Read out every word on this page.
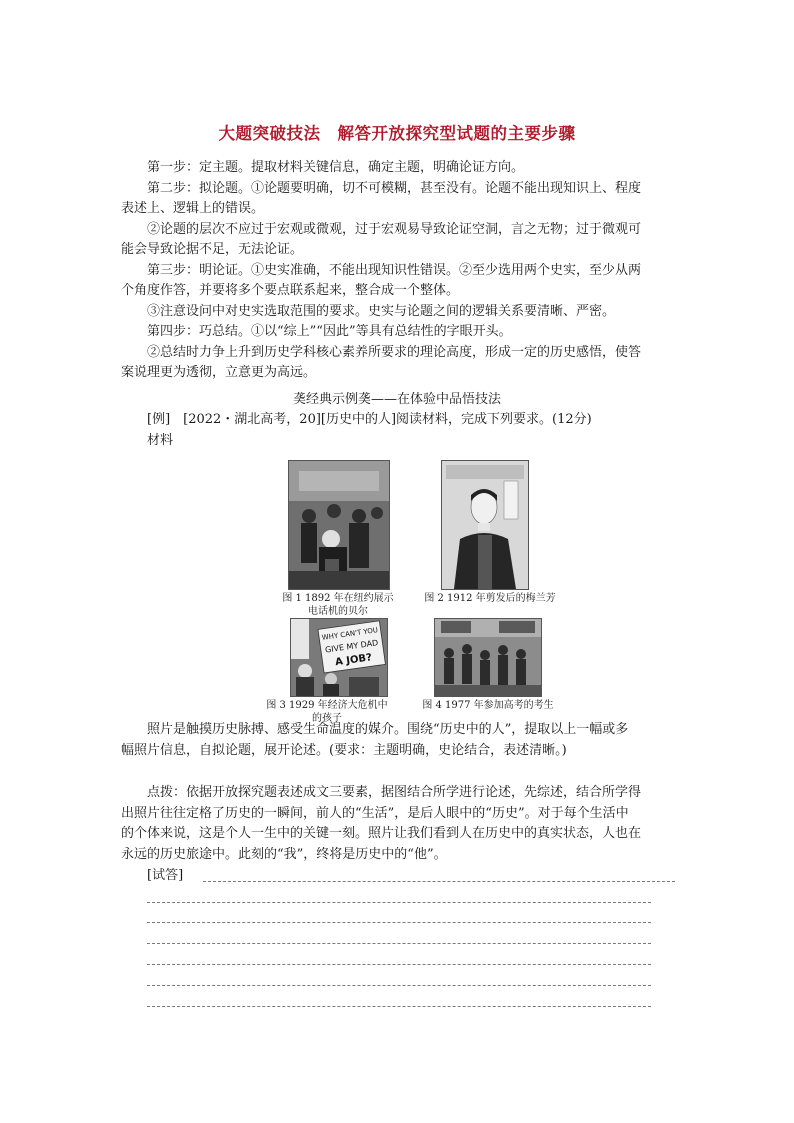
大题突破技法　解答开放探究型试题的主要步骤
第一步：定主题。提取材料关键信息，确定主题，明确论证方向。
第二步：拟论题。①论题要明确，切不可模糊，甚至没有。论题不能出现知识上、程度
表述上、逻辑上的错误。
②论题的层次不应过于宏观或微观，过于宏观易导致论证空洞，言之无物；过于微观可
能会导致论据不足，无法论证。
第三步：明论证。①史实准确，不能出现知识性错误。②至少选用两个史实，至少从两
个角度作答，并要将多个要点联系起来，整合成一个整体。
③注意设问中对史实选取范围的要求。史实与论题之间的逻辑关系要清晰、严密。
第四步：巧总结。①以“综上”“因此”等具有总结性的字眼开头。
②总结时力争上升到历史学科核心素养所要求的理论高度，形成一定的历史感悟，使答
案说理更为透彻，立意更为高远。
䶮经典示例䶮——在体验中品悟技法
[例]　[2022・湖北高考，20][历史中的人]阅读材料，完成下列要求。(12分)
材料
图 1 1892 年在纽约展示
电话机的贝尔
图 2 1912 年剪发后的梅兰芳
WHY CAN'T YOU
GIVE MY DAD
A JOB?
图 3 1929 年经济大危机中的孩子
图 4 1977 年参加高考的考生
照片是触摸历史脉搏、感受生命温度的媒介。围绕“历史中的人”，提取以上一幅或多
幅照片信息，自拟论题，展开论述。(要求：主题明确，史论结合，表述清晰。)
点拨：依据开放探究题表述成文三要素，据图结合所学进行论述，先综述，结合所学得
出照片往往定格了历史的一瞬间，前人的“生活”，是后人眼中的“历史”。对于每个生活中
的个体来说，这是个人一生中的关键一刻。照片让我们看到人在历史中的真实状态，人也在
永远的历史旅途中。此刻的“我”，终将是历史中的“他”。
[试答]
